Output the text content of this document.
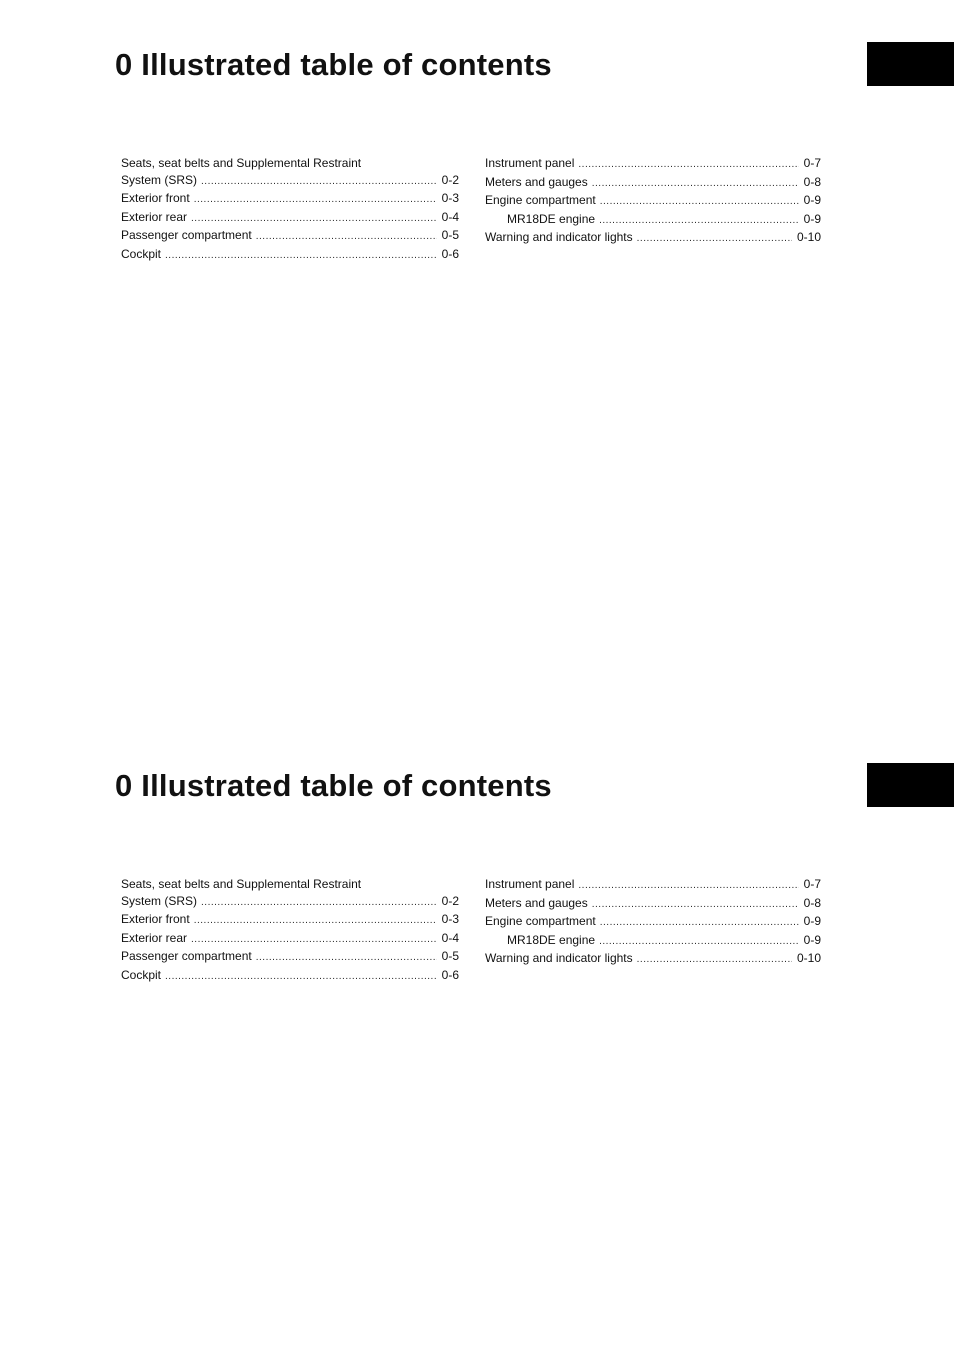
0 Illustrated table of contents
Seats, seat belts and Supplemental Restraint
System (SRS) .....	0-2
Exterior front .....	0-3
Exterior rear .....	0-4
Passenger compartment .....	0-5
Cockpit .....	0-6
Instrument panel .....	0-7
Meters and gauges .....	0-8
Engine compartment .....	0-9
MR18DE engine .....	0-9
Warning and indicator lights .....	0-10
0 Illustrated table of contents
Seats, seat belts and Supplemental Restraint
System (SRS) .....	0-2
Exterior front .....	0-3
Exterior rear .....	0-4
Passenger compartment .....	0-5
Cockpit .....	0-6
Instrument panel .....	0-7
Meters and gauges .....	0-8
Engine compartment .....	0-9
MR18DE engine .....	0-9
Warning and indicator lights .....	0-10
